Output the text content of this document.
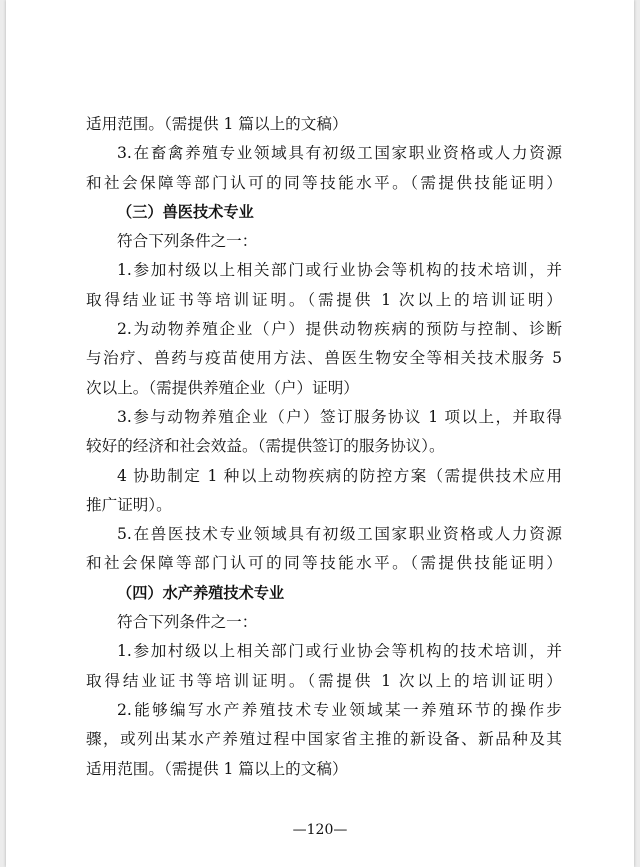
适用范围。（需提供 1 篇以上的文稿）
3.在畜禽养殖专业领域具有初级工国家职业资格或人力资源
和社会保障等部门认可的同等技能水平。（需提供技能证明）
（三）兽医技术专业
符合下列条件之一：
1.参加村级以上相关部门或行业协会等机构的技术培训，并
取得结业证书等培训证明。（需提供 1 次以上的培训证明）
2.为动物养殖企业（户）提供动物疾病的预防与控制、诊断
与治疗、兽药与疫苗使用方法、兽医生物安全等相关技术服务 5
次以上。（需提供养殖企业（户）证明）
3.参与动物养殖企业（户）签订服务协议 1 项以上，并取得
较好的经济和社会效益。（需提供签订的服务协议）。
4 协助制定 1 种以上动物疾病的防控方案（需提供技术应用
推广证明）。
5.在兽医技术专业领域具有初级工国家职业资格或人力资源
和社会保障等部门认可的同等技能水平。（需提供技能证明）
（四）水产养殖技术专业
符合下列条件之一：
1.参加村级以上相关部门或行业协会等机构的技术培训，并
取得结业证书等培训证明。（需提供 1 次以上的培训证明）
2.能够编写水产养殖技术专业领域某一养殖环节的操作步
骤，或列出某水产养殖过程中国家省主推的新设备、新品种及其
适用范围。（需提供 1 篇以上的文稿）
—120—
